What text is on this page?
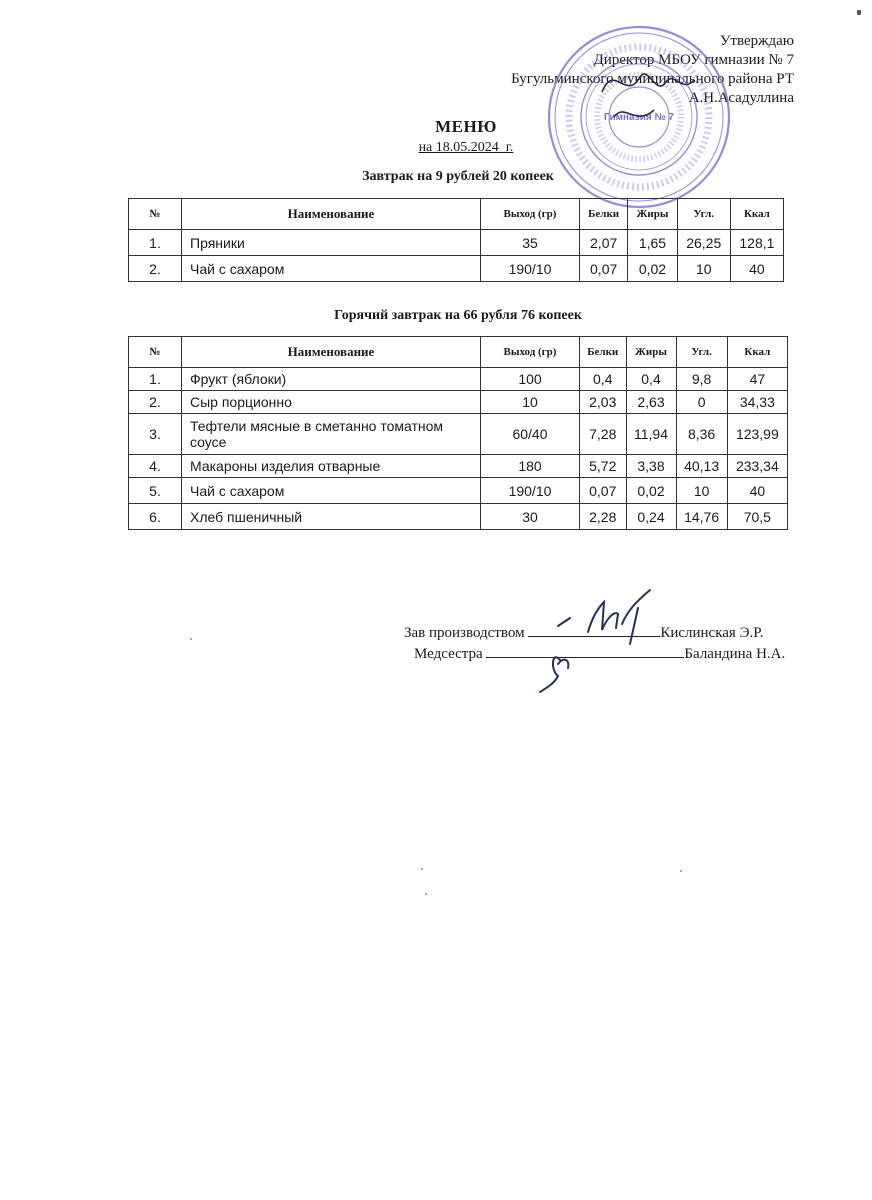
Утверждаю
Директор МБОУ гимназии № 7
Бугульминского муниципального района РТ
А.Н.Асадуллина
Гимназия № 7
МЕНЮ
на 18.05.2024_г.
Завтрак на 9 рублей 20 копеек
№	Наименование	Выход (гр)	Белки	Жиры	Угл.	Ккал
1.	Пряники	35	2,07	1,65	26,25	128,1
2.	Чай с сахаром	190/10	0,07	0,02	10	40
Горячий завтрак на 66 рубля 76 копеек
№	Наименование	Выход (гр)	Белки	Жиры	Угл.	Ккал
1.	Фрукт (яблоки)	100	0,4	0,4	9,8	47
2.	Сыр порционно	10	2,03	2,63	0	34,33
3.	Тефтели мясные в сметанно томатном соусе	60/40	7,28	11,94	8,36	123,99
4.	Макароны изделия отварные	180	5,72	3,38	40,13	233,34
5.	Чай с сахаром	190/10	0,07	0,02	10	40
6.	Хлеб пшеничный	30	2,28	0,24	14,76	70,5
Зав производством	Кислинская Э.Р.
Медсестра	Баландина Н.А.
